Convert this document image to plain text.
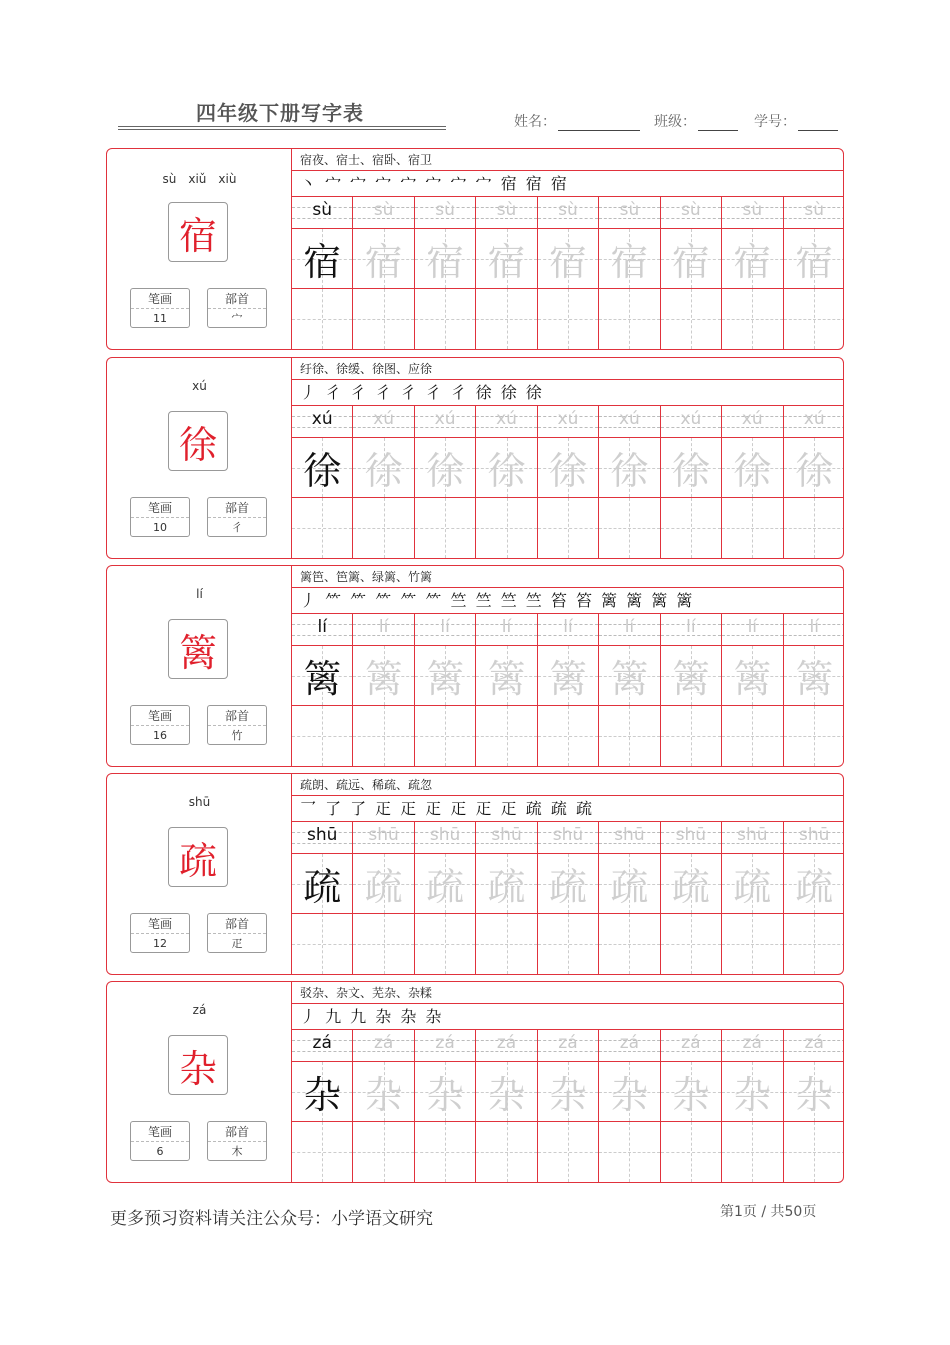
四年级下册写字表	姓名：	班级：	学号：
sù　xiǔ　xiù
宿
笔画
11
部首
宀
宿夜、宿士、宿卧、宿卫
丶 宀 宀 宀 宀 宀 宀 宀 宿 宿 宿
sù
宿
sù
宿
sù
宿
sù
宿
sù
宿
sù
宿
sù
宿
sù
宿
sù
宿
xú
徐
笔画
10
部首
彳
纡徐、徐缓、徐图、应徐
丿 彳 彳 彳 彳 彳 彳 徐 徐 徐
xú
徐
xú
徐
xú
徐
xú
徐
xú
徐
xú
徐
xú
徐
xú
徐
xú
徐
lí
篱
笔画
16
部首
竹
篱笆、笆篱、绿篱、竹篱
丿 ⺮ ⺮ ⺮ ⺮ ⺮ 竺 竺 竺 竺 笞 笞 篱 篱 篱 篱
lí
篱
lí
篱
lí
篱
lí
篱
lí
篱
lí
篱
lí
篱
lí
篱
lí
篱
shū
疏
笔画
12
部首
疋
疏朗、疏远、稀疏、疏忽
乛 了 了 𤴓 𤴓 𤴓 𤴓 𤴓 𤴓 疏 疏 疏
shū
疏
shū
疏
shū
疏
shū
疏
shū
疏
shū
疏
shū
疏
shū
疏
shū
疏
zá
杂
笔画
6
部首
木
驳杂、杂文、芜杂、杂糅
丿 九 九 杂 杂 杂
zá
杂
zá
杂
zá
杂
zá
杂
zá
杂
zá
杂
zá
杂
zá
杂
zá
杂
更多预习资料请关注公众号：小学语文研究	第1页 / 共50页
